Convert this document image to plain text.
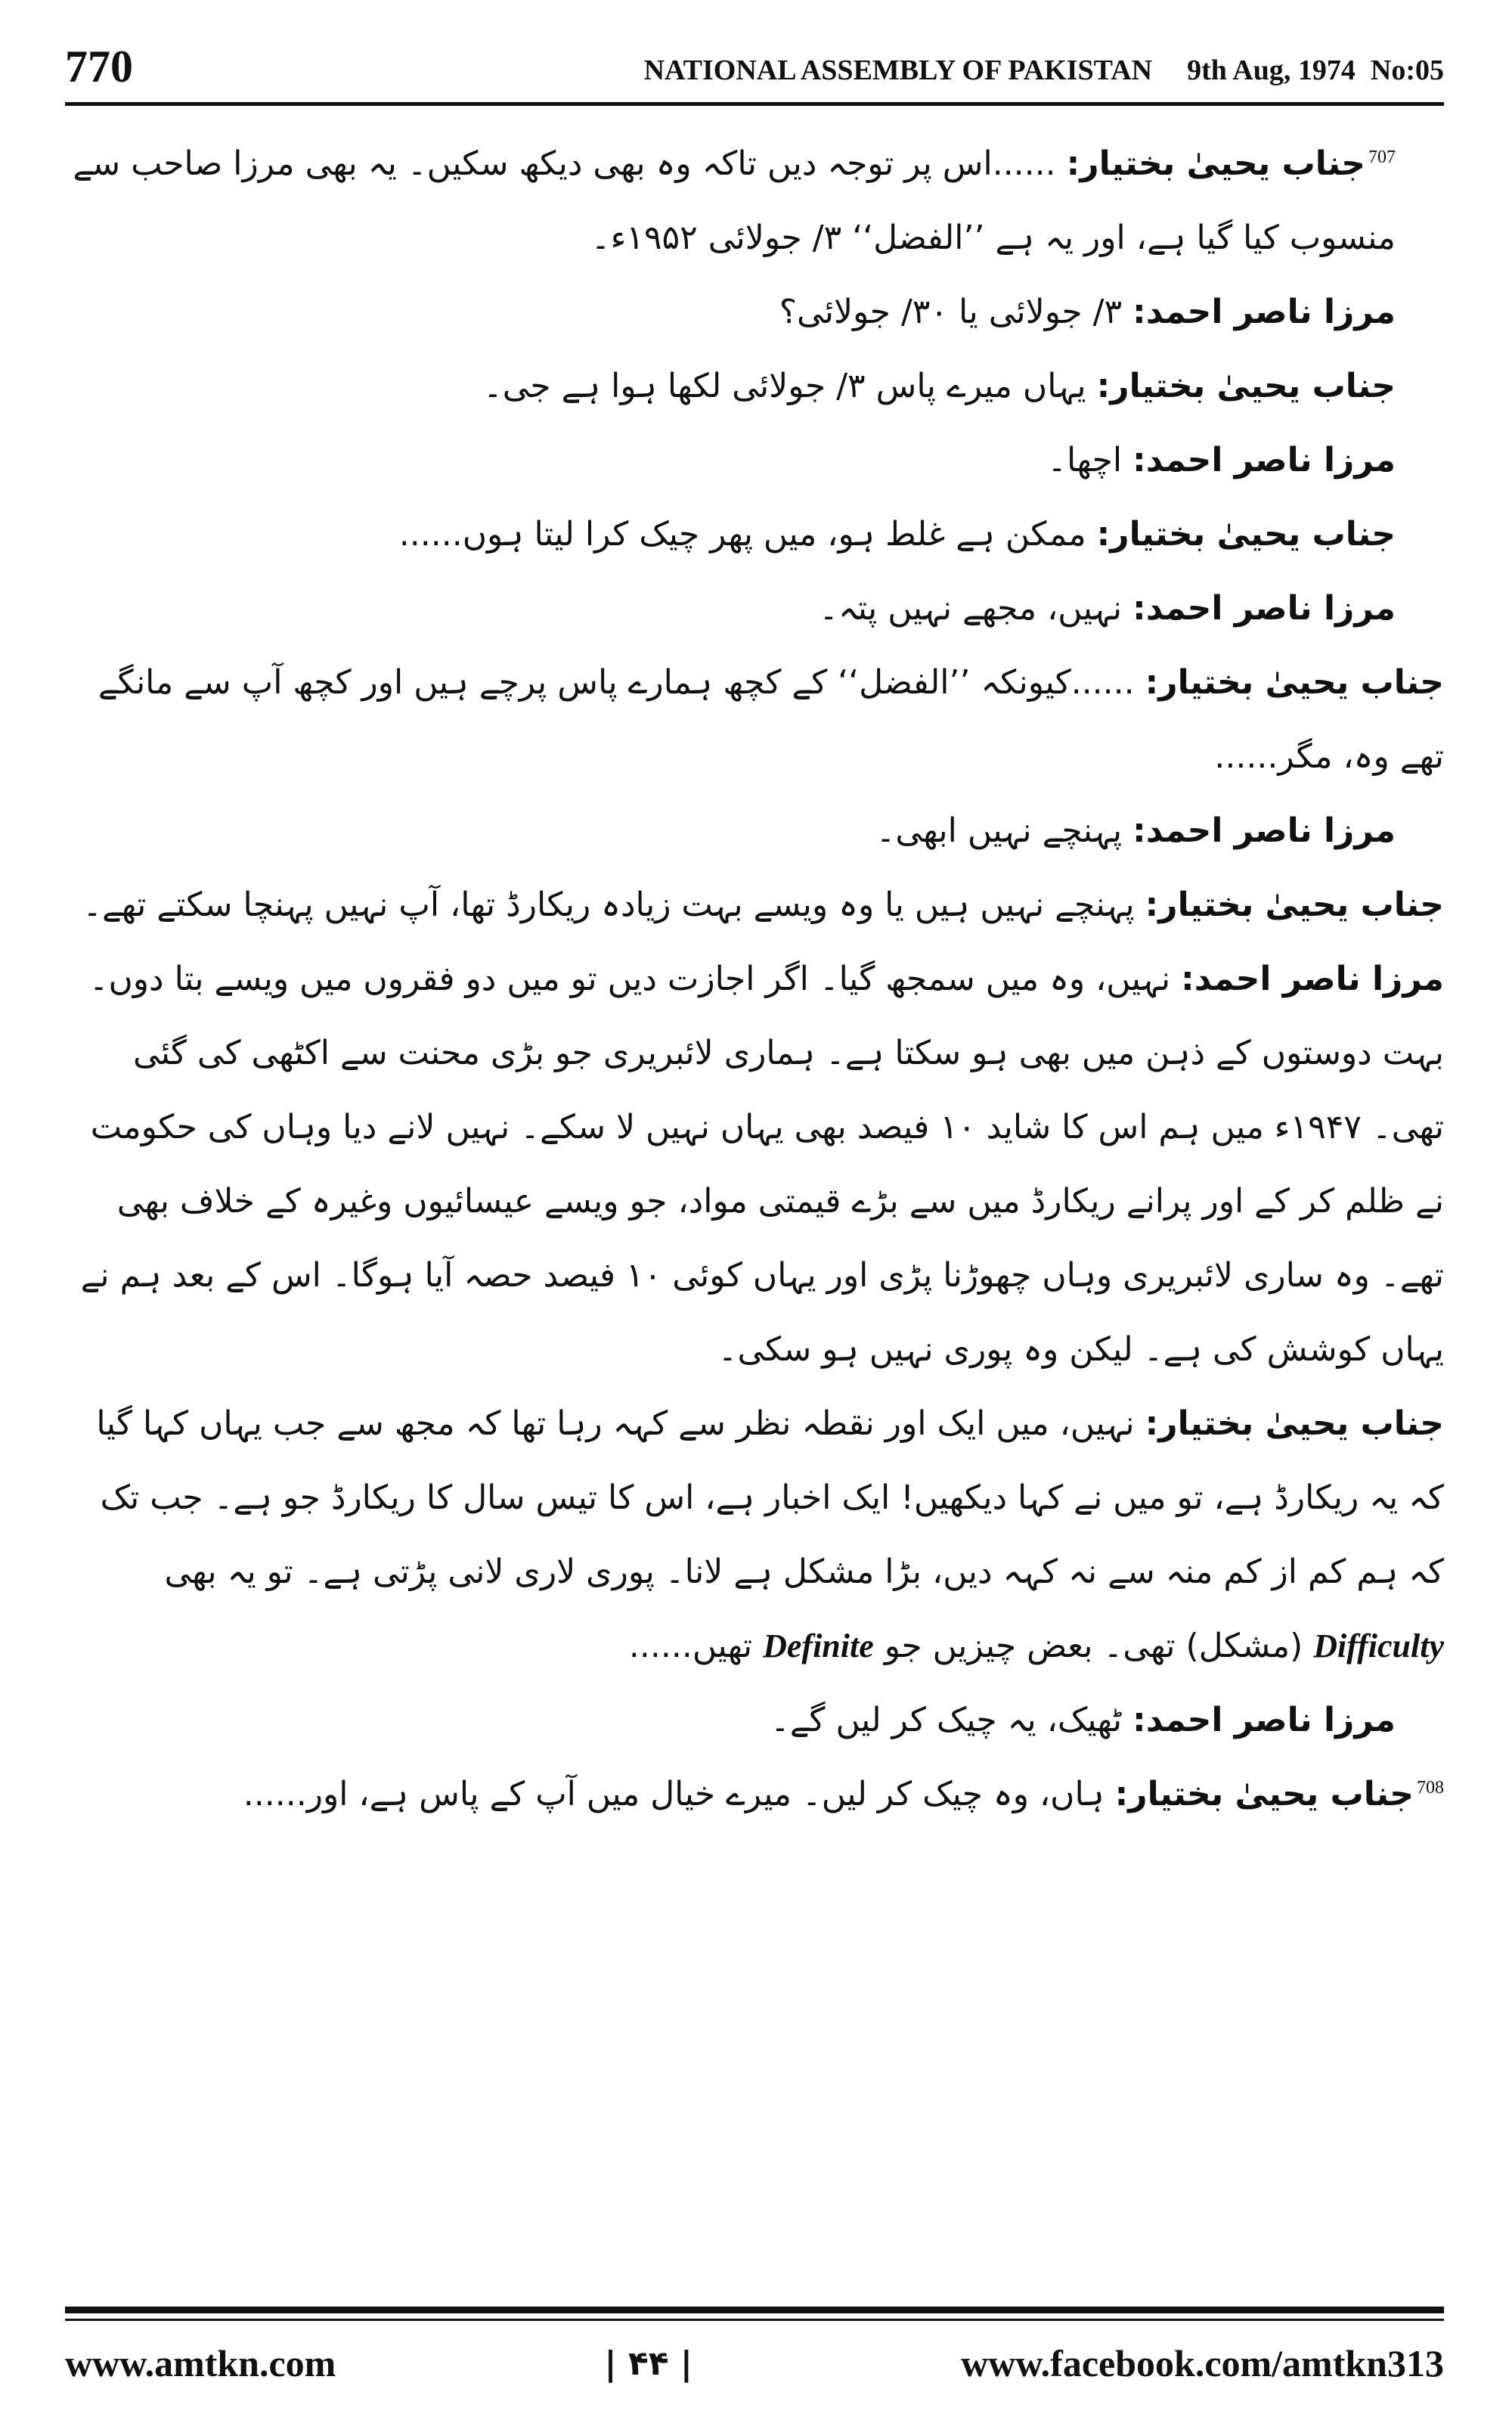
770	NATIONAL ASSEMBLY OF PAKISTAN 9th Aug, 1974 No:05

$^{707}$جناب یحییٰ بختیار: ......اس پر توجہ دیں تاکہ وہ بھی دیکھ سکیں۔ یہ بھی مرزا صاحب سے منسوب کیا گیا ہے، اور یہ ہے ’’الفضل‘‘ ۳/ جولائی ۱۹۵۲ء۔

مرزا ناصر احمد: ۳/ جولائی یا ۳۰/ جولائی؟

جناب یحییٰ بختیار: یہاں میرے پاس ۳/ جولائی لکھا ہوا ہے جی۔

مرزا ناصر احمد: اچھا۔

جناب یحییٰ بختیار: ممکن ہے غلط ہو، میں پھر چیک کرا لیتا ہوں......

مرزا ناصر احمد: نہیں، مجھے نہیں پتہ۔

جناب یحییٰ بختیار: ......کیونکہ ’’الفضل‘‘ کے کچھ ہمارے پاس پرچے ہیں اور کچھ آپ سے مانگے تھے وہ، مگر......

مرزا ناصر احمد: پہنچے نہیں ابھی۔

جناب یحییٰ بختیار: پہنچے نہیں ہیں یا وہ ویسے بہت زیادہ ریکارڈ تھا، آپ نہیں پہنچا سکتے تھے۔

مرزا ناصر احمد: نہیں، وہ میں سمجھ گیا۔ اگر اجازت دیں تو میں دو فقروں میں ویسے بتا دوں۔ بہت دوستوں کے ذہن میں بھی ہو سکتا ہے۔ ہماری لائبریری جو بڑی محنت سے اکٹھی کی گئی تھی۔ ۱۹۴۷ء میں ہم اس کا شاید ۱۰ فیصد بھی یہاں نہیں لا سکے۔ نہیں لانے دیا وہاں کی حکومت نے ظلم کر کے اور پرانے ریکارڈ میں سے بڑے قیمتی مواد، جو ویسے عیسائیوں وغیرہ کے خلاف بھی تھے۔ وہ ساری لائبریری وہاں چھوڑنا پڑی اور یہاں کوئی ۱۰ فیصد حصہ آیا ہوگا۔ اس کے بعد ہم نے یہاں کوشش کی ہے۔ لیکن وہ پوری نہیں ہو سکی۔

جناب یحییٰ بختیار: نہیں، میں ایک اور نقطہ نظر سے کہہ رہا تھا کہ مجھ سے جب یہاں کہا گیا کہ یہ ریکارڈ ہے، تو میں نے کہا دیکھیں! ایک اخبار ہے، اس کا تیس سال کا ریکارڈ جو ہے۔ جب تک کہ ہم کم از کم منہ سے نہ کہہ دیں، بڑا مشکل ہے لانا۔ پوری لاری لانی پڑتی ہے۔ تو یہ بھی Difficulty (مشکل) تھی۔ بعض چیزیں جو Definite تھیں......

مرزا ناصر احمد: ٹھیک، یہ چیک کر لیں گے۔

$^{708}$جناب یحییٰ بختیار: ہاں، وہ چیک کر لیں۔ میرے خیال میں آپ کے پاس ہے، اور......

www.amtkn.com	| ۴۴ |	www.facebook.com/amtkn313
